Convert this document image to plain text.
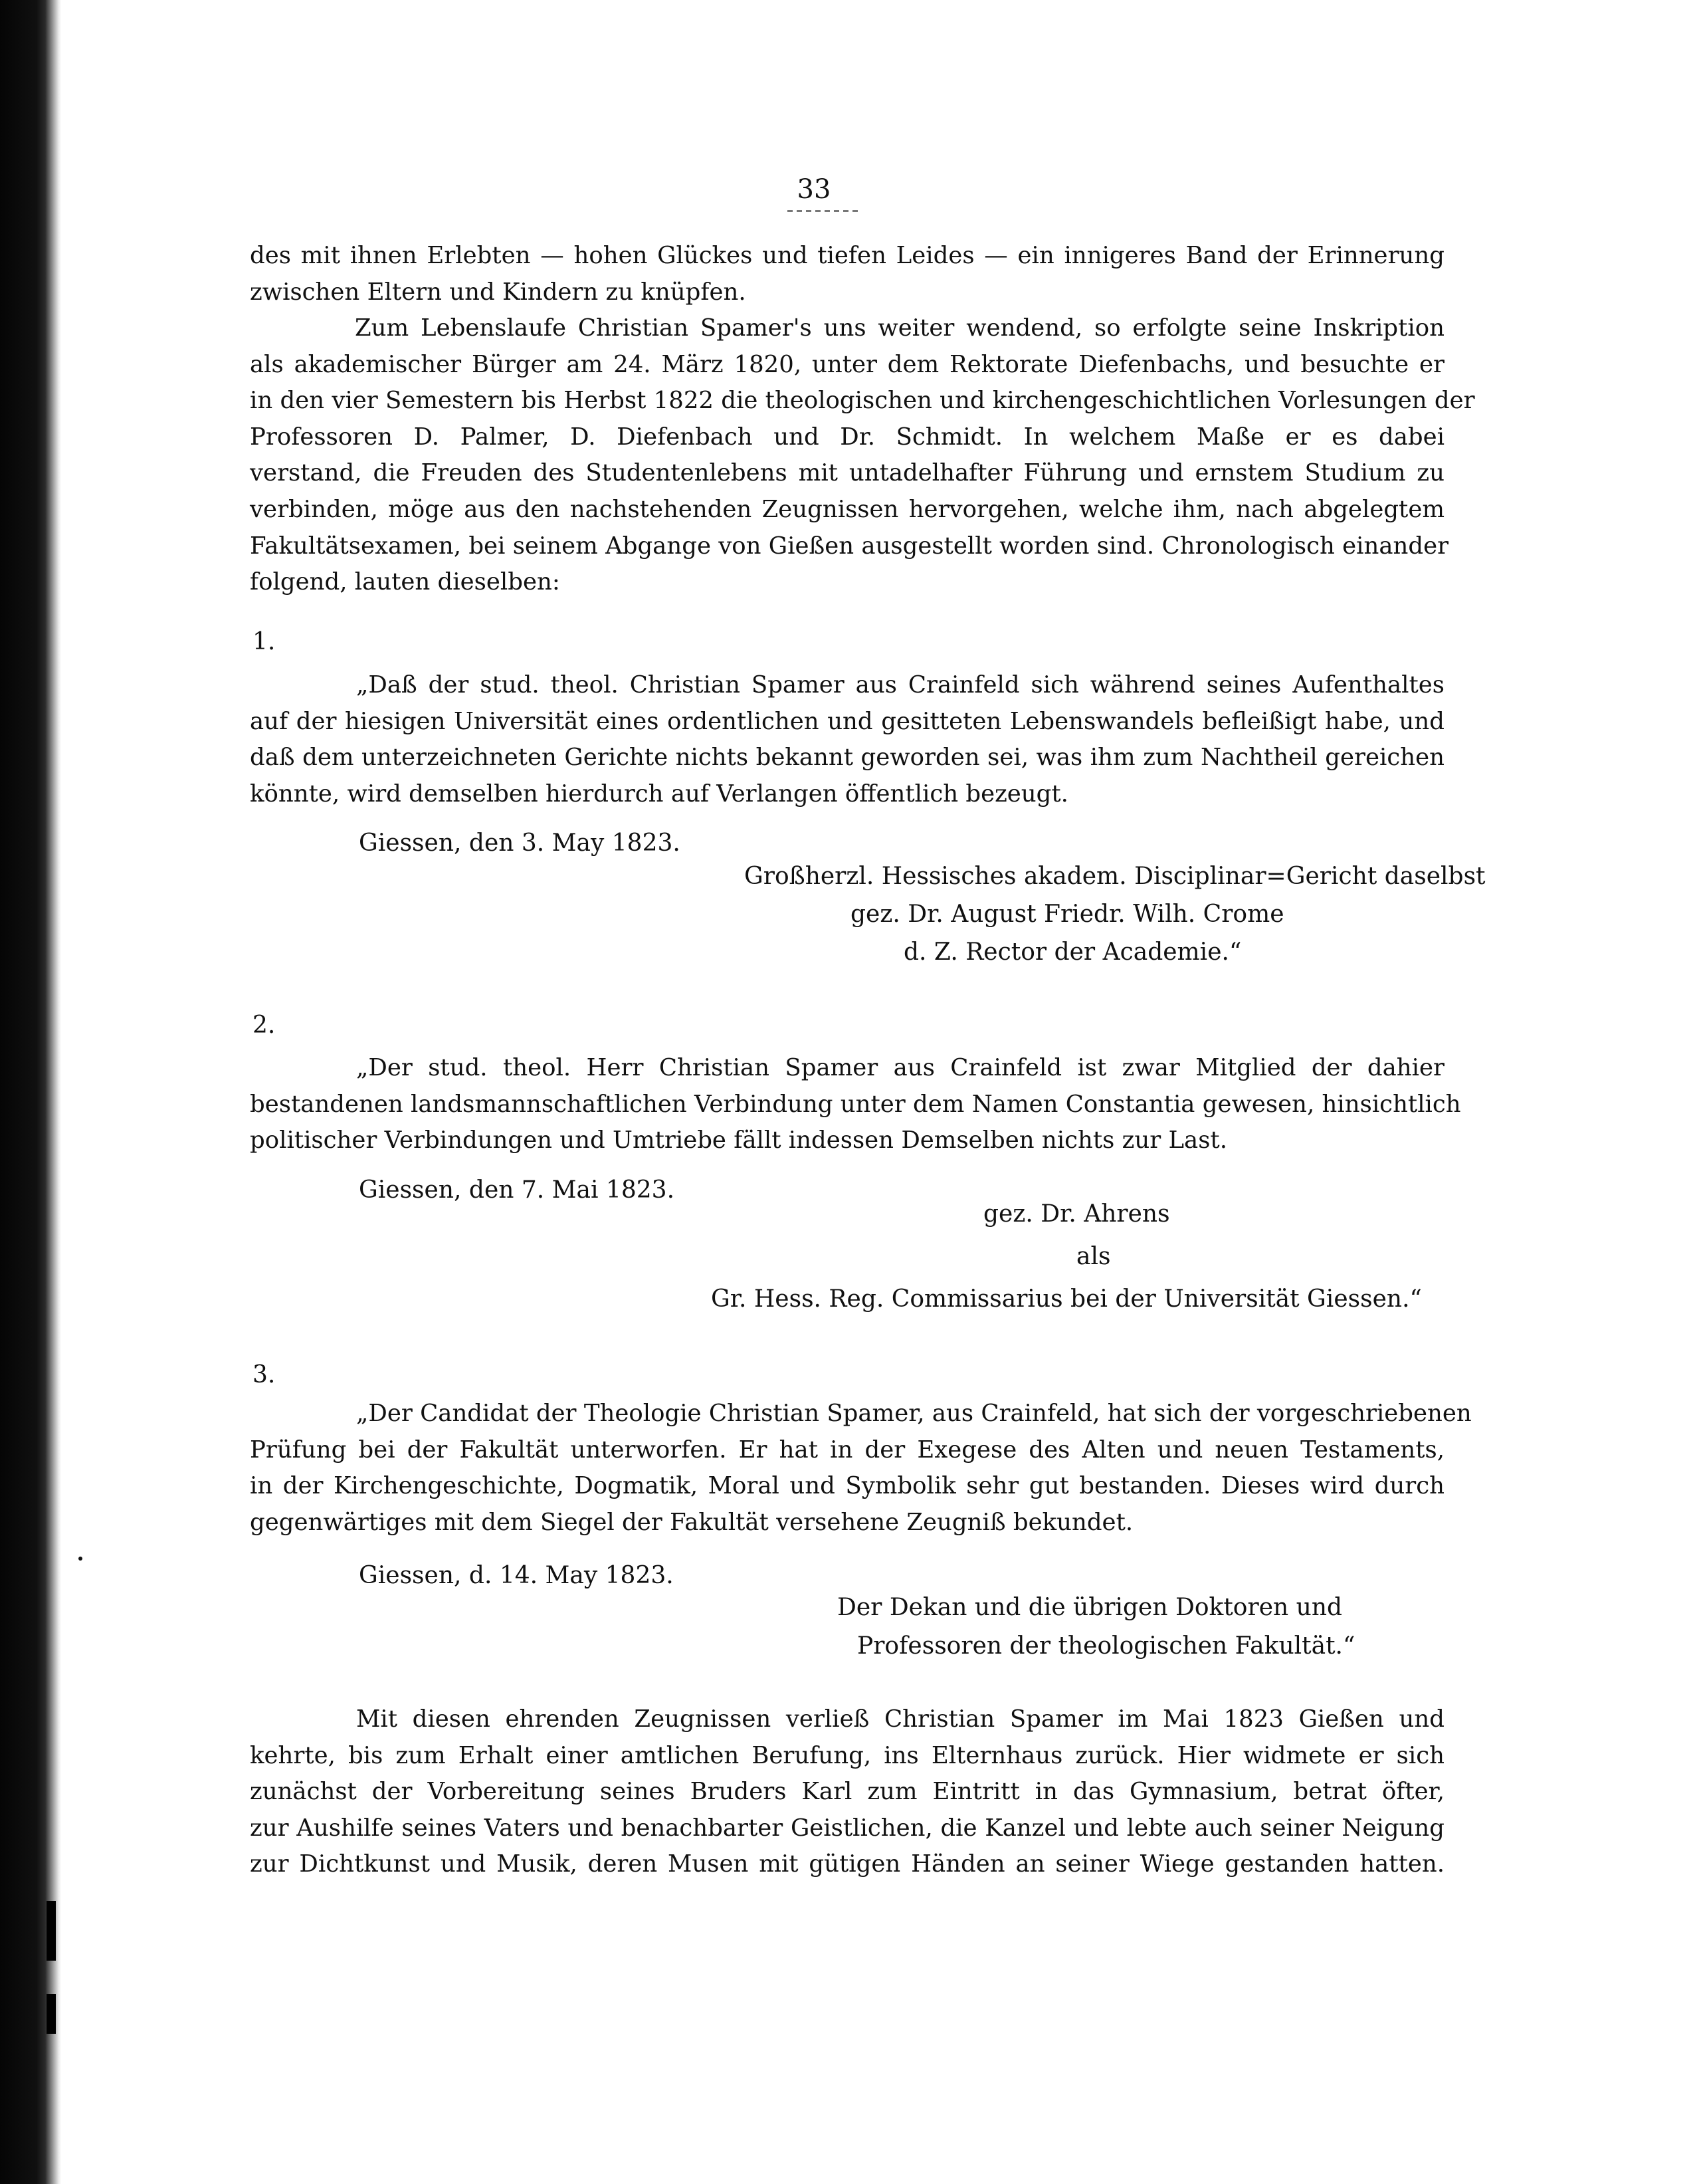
33
des mit ihnen Erlebten — hohen Glückes und tiefen Leides — ein innigeres Band der Erinnerung
zwischen Eltern und Kindern zu knüpfen.
Zum Lebenslaufe Christian Spamer's uns weiter wendend, so erfolgte seine Inskription
als akademischer Bürger am 24. März 1820, unter dem Rektorate Diefenbachs, und besuchte er
in den vier Semestern bis Herbst 1822 die theologischen und kirchengeschichtlichen Vorlesungen der
Professoren D. Palmer, D. Diefenbach und Dr. Schmidt. In welchem Maße er es dabei
verstand, die Freuden des Studentenlebens mit untadelhafter Führung und ernstem Studium zu
verbinden, möge aus den nachstehenden Zeugnissen hervorgehen, welche ihm, nach abgelegtem
Fakultätsexamen, bei seinem Abgange von Gießen ausgestellt worden sind. Chronologisch einander
folgend, lauten dieselben:
1.
„Daß der stud. theol. Christian Spamer aus Crainfeld sich während seines Aufenthaltes
auf der hiesigen Universität eines ordentlichen und gesitteten Lebenswandels befleißigt habe, und
daß dem unterzeichneten Gerichte nichts bekannt geworden sei, was ihm zum Nachtheil gereichen
könnte, wird demselben hierdurch auf Verlangen öffentlich bezeugt.
Giessen, den 3. May 1823.
Großherzl. Hessisches akadem. Disciplinar=Gericht daselbst
gez. Dr. August Friedr. Wilh. Crome
d. Z. Rector der Academie.“
2.
„Der stud. theol. Herr Christian Spamer aus Crainfeld ist zwar Mitglied der dahier
bestandenen landsmannschaftlichen Verbindung unter dem Namen Constantia gewesen, hinsichtlich
politischer Verbindungen und Umtriebe fällt indessen Demselben nichts zur Last.
Giessen, den 7. Mai 1823.
gez. Dr. Ahrens
als
Gr. Hess. Reg. Commissarius bei der Universität Giessen.“
3.
„Der Candidat der Theologie Christian Spamer, aus Crainfeld, hat sich der vorgeschriebenen
Prüfung bei der Fakultät unterworfen. Er hat in der Exegese des Alten und neuen Testaments,
in der Kirchengeschichte, Dogmatik, Moral und Symbolik sehr gut bestanden. Dieses wird durch
gegenwärtiges mit dem Siegel der Fakultät versehene Zeugniß bekundet.
Giessen, d. 14. May 1823.
Der Dekan und die übrigen Doktoren und
Professoren der theologischen Fakultät.“
Mit diesen ehrenden Zeugnissen verließ Christian Spamer im Mai 1823 Gießen und
kehrte, bis zum Erhalt einer amtlichen Berufung, ins Elternhaus zurück. Hier widmete er sich
zunächst der Vorbereitung seines Bruders Karl zum Eintritt in das Gymnasium, betrat öfter,
zur Aushilfe seines Vaters und benachbarter Geistlichen, die Kanzel und lebte auch seiner Neigung
zur Dichtkunst und Musik, deren Musen mit gütigen Händen an seiner Wiege gestanden hatten.
